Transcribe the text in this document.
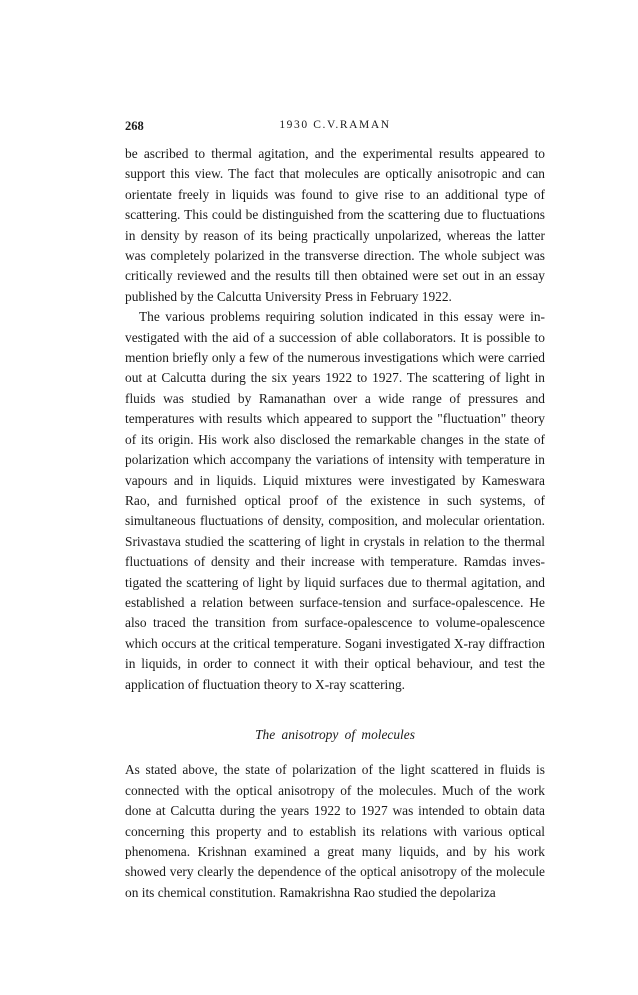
268	1930 C.V.RAMAN

be ascribed to thermal agitation, and the experimental results appeared to support this view. The fact that molecules are optically anisotropic and can orientate freely in liquids was found to give rise to an additional type of scattering. This could be distinguished from the scattering due to fluctuations in density by reason of its being practically unpolarized, whereas the latter was completely polarized in the transverse direction. The whole subject was critically reviewed and the results till then obtained were set out in an essay published by the Calcutta University Press in February 1922.

The various problems requiring solution indicated in this essay were investigated with the aid of a succession of able collaborators. It is possible to mention briefly only a few of the numerous investigations which were carried out at Calcutta during the six years 1922 to 1927. The scattering of light in fluids was studied by Ramanathan over a wide range of pressures and temperatures with results which appeared to support the "fluctuation" theory of its origin. His work also disclosed the remarkable changes in the state of polarization which accompany the variations of intensity with temperature in vapours and in liquids. Liquid mixtures were investigated by Kameswara Rao, and furnished optical proof of the existence in such systems, of simultaneous fluctuations of density, composition, and molecular orientation. Srivastava studied the scattering of light in crystals in relation to the thermal fluctuations of density and their increase with temperature. Ramdas investigated the scattering of light by liquid surfaces due to thermal agitation, and established a relation between surface-tension and surface-opalescence. He also traced the transition from surface-opalescence to volume-opalescence which occurs at the critical temperature. Sogani investigated X-ray diffraction in liquids, in order to connect it with their optical behaviour, and test the application of fluctuation theory to X-ray scattering.

The anisotropy of molecules

As stated above, the state of polarization of the light scattered in fluids is connected with the optical anisotropy of the molecules. Much of the work done at Calcutta during the years 1922 to 1927 was intended to obtain data concerning this property and to establish its relations with various optical phenomena. Krishnan examined a great many liquids, and by his work showed very clearly the dependence of the optical anisotropy of the molecule on its chemical constitution. Ramakrishna Rao studied the depolariza
